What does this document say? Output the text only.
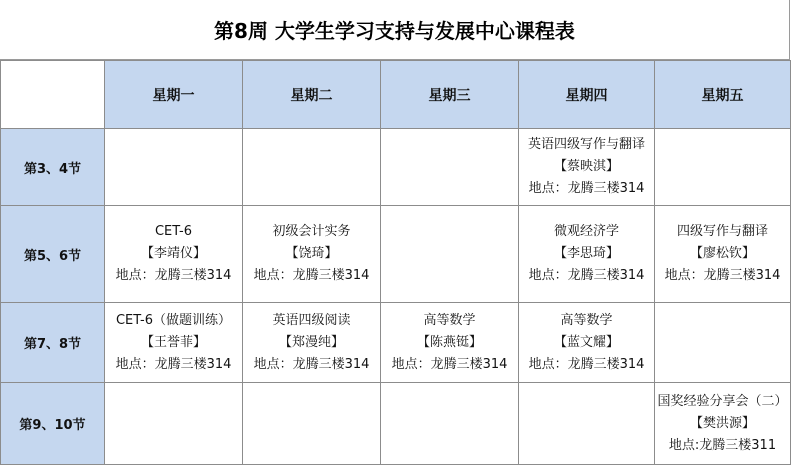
第8周 大学生学习支持与发展中心课程表
	星期一	星期二	星期三	星期四	星期五
第3、4节				英语四级写作与翻译
【蔡映淇】
地点：龙腾三楼314	

第5、6节	CET-6
【李靖仪】
地点：龙腾三楼314	初级会计实务
【饶琦】
地点：龙腾三楼314		微观经济学
【李思琦】
地点：龙腾三楼314	四级写作与翻译
【廖松钦】
地点：龙腾三楼314

第7、8节	CET-6（做题训练）
【王誉菲】
地点：龙腾三楼314	英语四级阅读
【郑漫纯】
地点：龙腾三楼314	高等数学
【陈燕铤】
地点：龙腾三楼314	高等数学
【蓝文耀】
地点：龙腾三楼314	

第9、10节					国奖经验分享会（二）
【樊洪源】
地点:龙腾三楼311
